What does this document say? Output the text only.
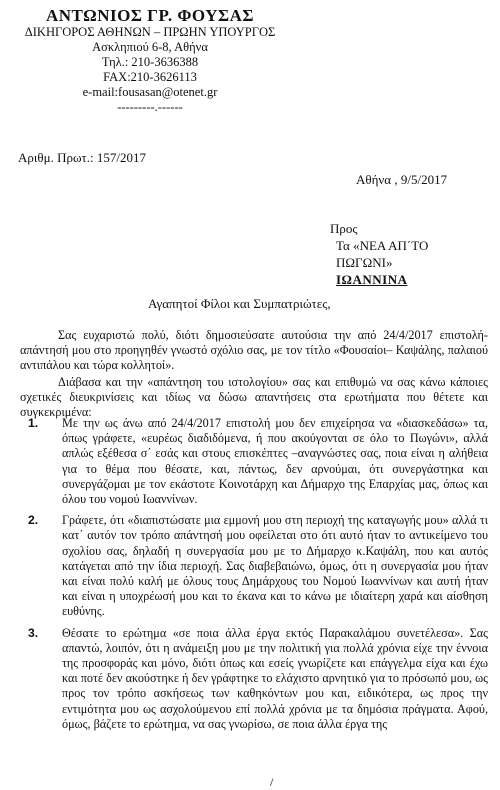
ΑΝΤΩΝΙΟΣ ΓΡ. ΦΟΥΣΑΣ
ΔΙΚΗΓΟΡΟΣ ΑΘΗΝΩΝ – ΠΡΩΗΝ ΥΠΟΥΡΓΟΣ
Ασκληπιού 6-8, Αθήνα
Τηλ.: 210-3636388
FAX:210-3626113
e-mail:fousasan@otenet.gr
---------.------
Αριθμ. Πρωτ.: 157/2017
Αθήνα , 9/5/2017
Προς
Τα «ΝΕΑ ΑΠ΄ΤΟ
ΠΩΓΩΝΙ»
ΙΩΑΝΝΙΝΑ
Αγαπητοί Φίλοι και Συμπατριώτες,

Σας ευχαριστώ πολύ, διότι δημοσιεύσατε αυτούσια την από 24/4/2017 επιστολή-απάντησή μου στο προηγηθέν γνωστό σχόλιο σας, με τον τίτλο «Φουσαίοι– Καψάλης, παλαιού αντιπάλου και τώρα κολλητοί».

Διάβασα και την «απάντηση του ιστολογίου» σας και επιθυμώ να σας κάνω κάποιες σχετικές διευκρινίσεις και ιδίως να δώσω απαντήσεις στα ερωτήματα που θέτετε και συγκεκριμένα:

1. Με την ως άνω από 24/4/2017 επιστολή μου δεν επιχείρησα να «διασκεδάσω» τα, όπως γράφετε, «ευρέως διαδιδόμενα, ή που ακούγονται σε όλο το Πωγώνι», αλλά απλώς εξέθεσα σ΄ εσάς και στους επισκέπτες –αναγνώστες σας, ποια είναι η αλήθεια για το θέμα που θέσατε, και, πάντως, δεν αρνούμαι, ότι συνεργάστηκα και συνεργάζομαι με τον εκάστοτε Κοινοτάρχη και Δήμαρχο της Επαρχίας μας, όπως και όλου του νομού Ιωαννίνων.
2. Γράφετε, ότι «διαπιστώσατε μια εμμονή μου στη περιοχή της καταγωγής μου» αλλά τι κατ΄ αυτόν τον τρόπο απάντησή μου οφείλεται στο ότι αυτό ήταν το αντικείμενο του σχολίου σας, δηλαδή η συνεργασία μου με το Δήμαρχο κ.Καψάλη, που και αυτός κατάγεται από την ίδια περιοχή. Σας διαβεβαιώνω, όμως, ότι η συνεργασία μου ήταν και είναι πολύ καλή με όλους τους Δημάρχους του Νομού Ιωαννίνων και αυτή ήταν και είναι η υποχρέωσή μου και το έκανα και το κάνω με ιδιαίτερη χαρά και αίσθηση ευθύνης.
3. Θέσατε το ερώτημα «σε ποια άλλα έργα εκτός Παρακαλάμου συνετέλεσα». Σας απαντώ, λοιπόν, ότι η ανάμειξη μου με την πολιτική για πολλά χρόνια είχε την έννοια της προσφοράς και μόνο, διότι όπως και εσείς γνωρίζετε και επάγγελμα είχα και έχω και ποτέ δεν ακούστηκε ή δεν γράφτηκε το ελάχιστο αρνητικό για το πρόσωπό μου, ως προς τον τρόπο ασκήσεως των καθηκόντων μου και, ειδικότερα, ως προς την εντιμότητα μου ως ασχολούμενου επί πολλά χρόνια με τα δημόσια πράγματα. Αφού, όμως, βάζετε το ερώτημα, να σας γνωρίσω, σε ποια άλλα έργα της
/
